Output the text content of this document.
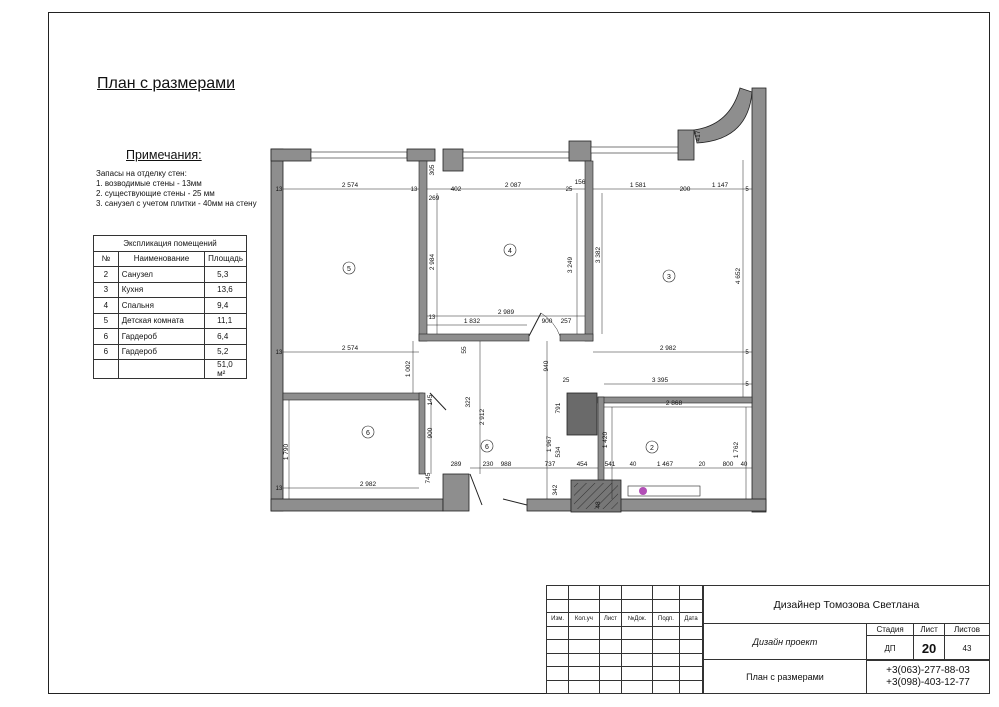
План с размерами
Примечания:
Запасы на отделку стен:
1. возводимые стены - 13мм
2. существующие стены - 25 мм
3. санузел с учетом плитки - 40мм на стену
Экспликация помещений		
№	Наименование	Площадь
2	Санузел	5,3
3	Кухня	13,6
4	Спальня	9,4
5	Детская комната	11,1
6	Гардероб	6,4
6	Гардероб	5,2
		51,0 м²
5
4
3
6
6	2
2 574	2 087	1 581	1 147
2 574	2 982
3 395
2 989
1 832	900 257
2 982
2 868
1 467	800
988
230
289	737	454	541
402
269
156
200
417
2 984	3 249
3 382
4 652
1 790	1 762
1 002
2 912
1 967
791
1 420
322
145
745
940
900
342
534
48
305
55
13	13
13
13
13
25
25
5
5
5
20
40	40

Изм.	Кол.уч	Лист	№Док.	Подп.	Дата

Дизайнер Томозова Светлана
Дизайн проект
Стадия	Лист	Листов
ДП	20	43
План с размерами
+3(063)-277-88-03
+3(098)-403-12-77
